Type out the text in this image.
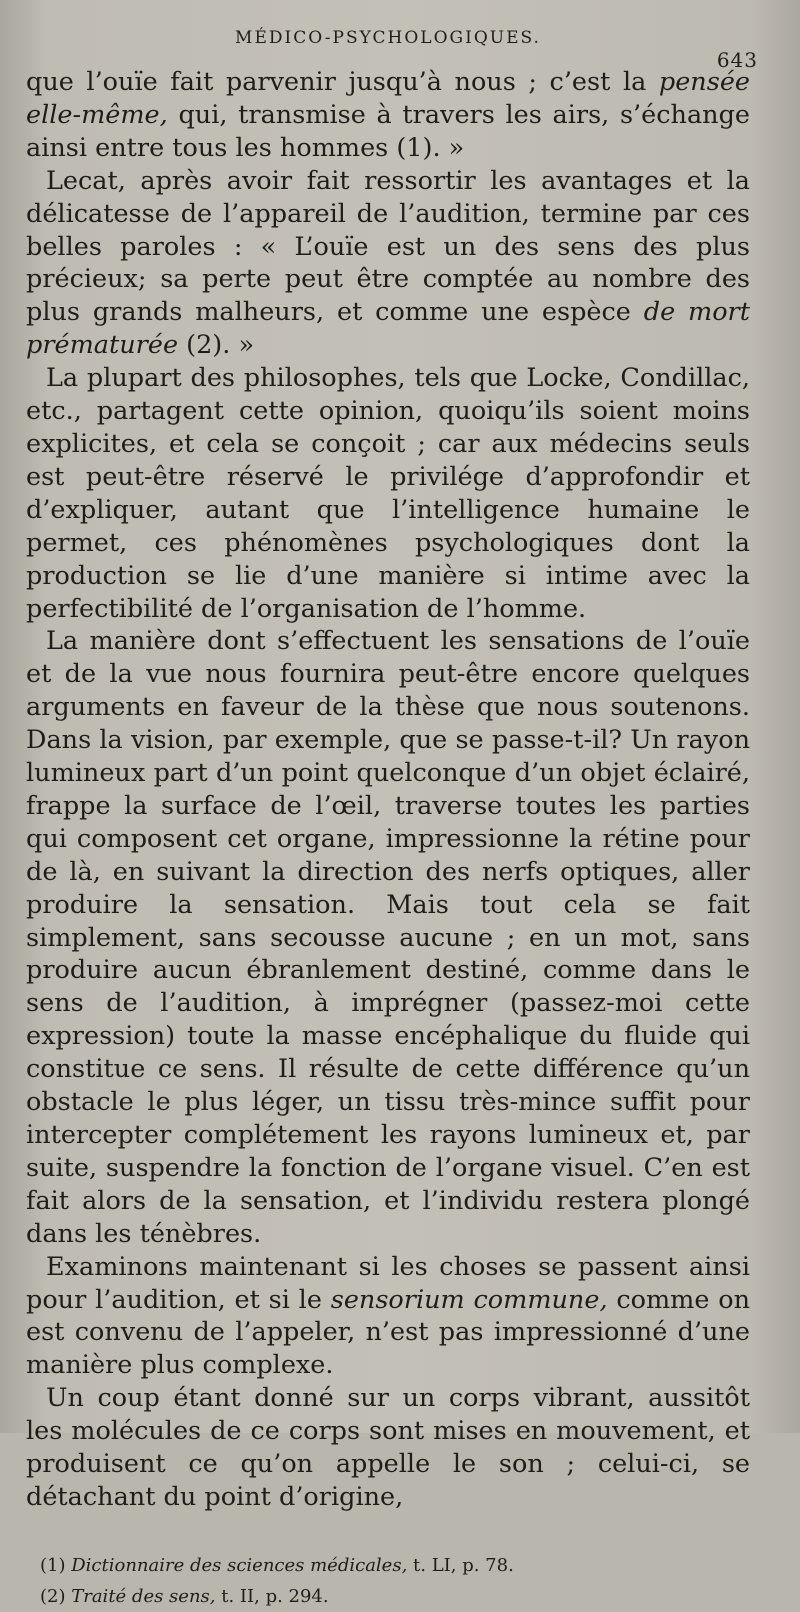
MÉDICO-PSYCHOLOGIQUES.
643

que l’ouïe fait parvenir jusqu’à nous ; c’est la pensée elle-même, qui, transmise à travers les airs, s’échange ainsi entre tous les hommes (1). »

Lecat, après avoir fait ressortir les avantages et la délicatesse de l’appareil de l’audition, termine par ces belles paroles : « L’ouïe est un des sens des plus précieux; sa perte peut être comptée au nombre des plus grands malheurs, et comme une espèce de mort prématurée (2). »

La plupart des philosophes, tels que Locke, Condillac, etc., partagent cette opinion, quoiqu’ils soient moins explicites, et cela se conçoit ; car aux médecins seuls est peut-être réservé le privilége d’approfondir et d’expliquer, autant que l’intelligence humaine le permet, ces phénomènes psychologiques dont la production se lie d’une manière si intime avec la perfectibilité de l’organisation de l’homme.

La manière dont s’effectuent les sensations de l’ouïe et de la vue nous fournira peut-être encore quelques arguments en faveur de la thèse que nous soutenons. Dans la vision, par exemple, que se passe-t-il? Un rayon lumineux part d’un point quelconque d’un objet éclairé, frappe la surface de l’œil, traverse toutes les parties qui composent cet organe, impressionne la rétine pour de là, en suivant la direction des nerfs optiques, aller produire la sensation. Mais tout cela se fait simplement, sans secousse aucune ; en un mot, sans produire aucun ébranlement destiné, comme dans le sens de l’audition, à imprégner (passez-moi cette expression) toute la masse encéphalique du fluide qui constitue ce sens. Il résulte de cette différence qu’un obstacle le plus léger, un tissu très-mince suffit pour intercepter complétement les rayons lumineux et, par suite, suspendre la fonction de l’organe visuel. C’en est fait alors de la sensation, et l’individu restera plongé dans les ténèbres.

Examinons maintenant si les choses se passent ainsi pour l’audition, et si le sensorium commune, comme on est convenu de l’appeler, n’est pas impressionné d’une manière plus complexe.

Un coup étant donné sur un corps vibrant, aussitôt les molécules de ce corps sont mises en mouvement, et produisent ce qu’on appelle le son ; celui-ci, se détachant du point d’origine,

(1) Dictionnaire des sciences médicales, t. LI, p. 78.
(2) Traité des sens, t. II, p. 294.
